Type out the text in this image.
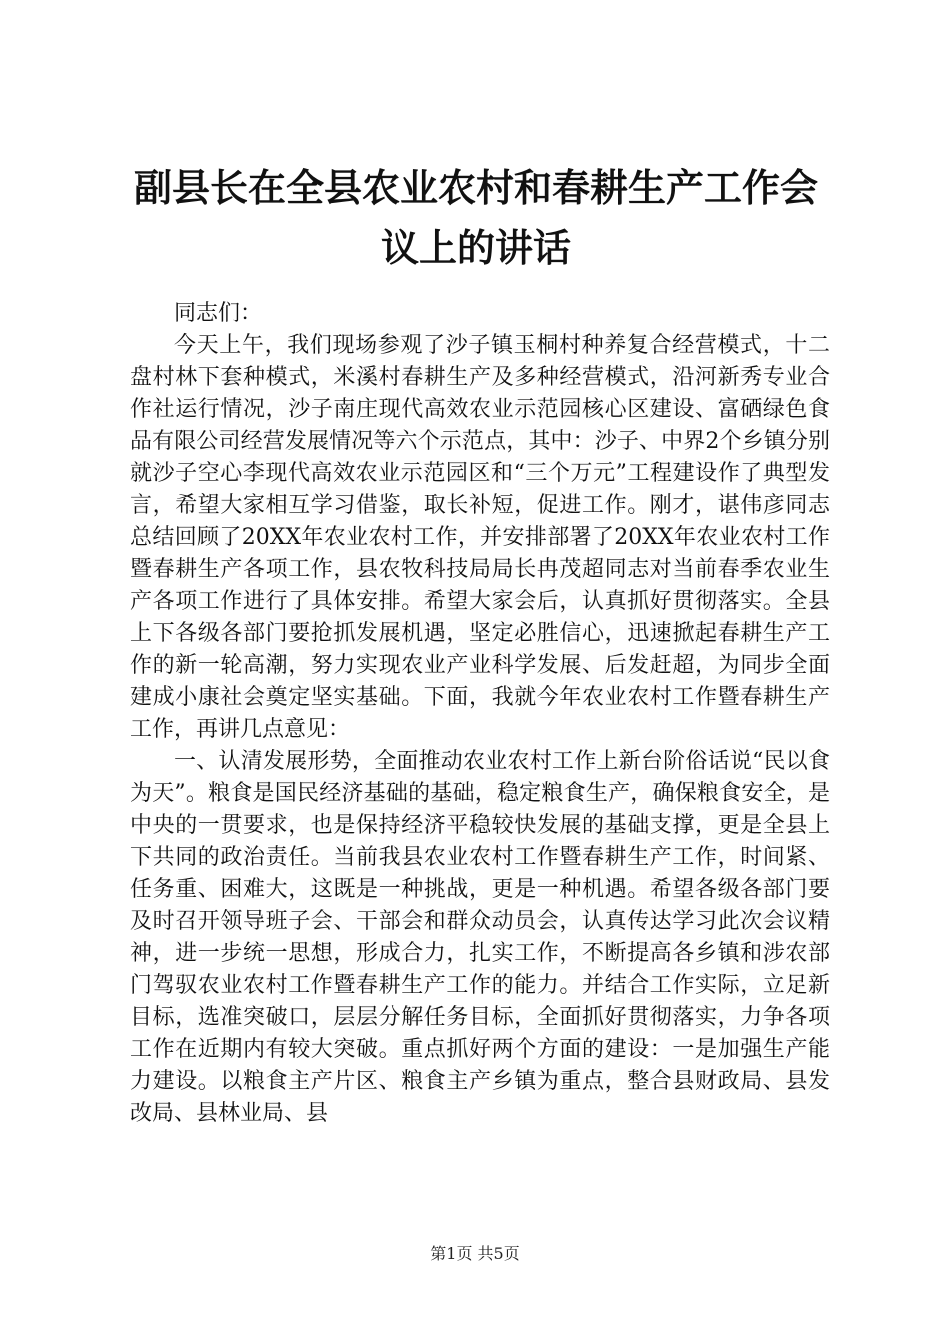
副县长在全县农业农村和春耕生产工作会议上的讲话

同志们：

今天上午，我们现场参观了沙子镇玉桐村种养复合经营模式，十二盘村林下套种模式，米溪村春耕生产及多种经营模式，沿河新秀专业合作社运行情况，沙子南庄现代高效农业示范园核心区建设、富硒绿色食品有限公司经营发展情况等六个示范点，其中：沙子、中界2个乡镇分别就沙子空心李现代高效农业示范园区和“三个万元”工程建设作了典型发言，希望大家相互学习借鉴，取长补短，促进工作。刚才，谌伟彦同志总结回顾了20XX年农业农村工作，并安排部署了20XX年农业农村工作暨春耕生产各项工作，县农牧科技局局长冉茂超同志对当前春季农业生产各项工作进行了具体安排。希望大家会后，认真抓好贯彻落实。全县上下各级各部门要抢抓发展机遇，坚定必胜信心，迅速掀起春耕生产工作的新一轮高潮，努力实现农业产业科学发展、后发赶超，为同步全面建成小康社会奠定坚实基础。下面，我就今年农业农村工作暨春耕生产工作，再讲几点意见：

一、认清发展形势，全面推动农业农村工作上新台阶俗话说“民以食为天”。粮食是国民经济基础的基础，稳定粮食生产，确保粮食安全，是中央的一贯要求，也是保持经济平稳较快发展的基础支撑，更是全县上下共同的政治责任。当前我县农业农村工作暨春耕生产工作，时间紧、任务重、困难大，这既是一种挑战，更是一种机遇。希望各级各部门要及时召开领导班子会、干部会和群众动员会，认真传达学习此次会议精神，进一步统一思想，形成合力，扎实工作，不断提高各乡镇和涉农部门驾驭农业农村工作暨春耕生产工作的能力。并结合工作实际，立足新目标，选准突破口，层层分解任务目标，全面抓好贯彻落实，力争各项工作在近期内有较大突破。重点抓好两个方面的建设：一是加强生产能力建设。以粮食主产片区、粮食主产乡镇为重点，整合县财政局、县发改局、县林业局、县

第1页 共5页
